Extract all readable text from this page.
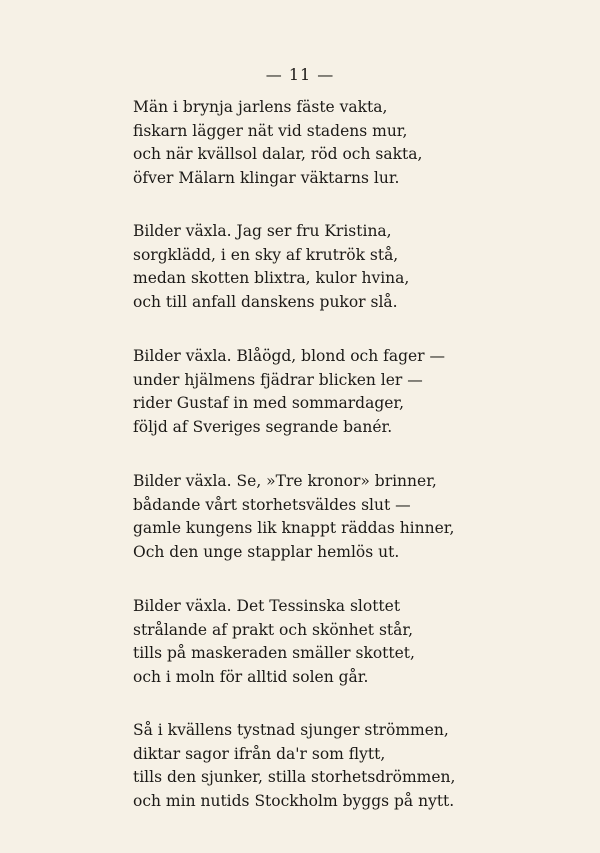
— 11 —
Män i brynja jarlens fäste vakta,
fiskarn lägger nät vid stadens mur,
och när kvällsol dalar, röd och sakta,
öfver Mälarn klingar väktarns lur.
Bilder växla. Jag ser fru Kristina,
sorgklädd, i en sky af krutrök stå,
medan skotten blixtra, kulor hvina,
och till anfall danskens pukor slå.
Bilder växla. Blåögd, blond och fager —
under hjälmens fjädrar blicken ler —
rider Gustaf in med sommardager,
följd af Sveriges segrande banér.
Bilder växla. Se, »Tre kronor» brinner,
bådande vårt storhetsväldes slut —
gamle kungens lik knappt räddas hinner,
Och den unge stapplar hemlös ut.
Bilder växla. Det Tessinska slottet
strålande af prakt och skönhet står,
tills på maskeraden smäller skottet,
och i moln för alltid solen går.
Så i kvällens tystnad sjunger strömmen,
diktar sagor ifrån da'r som flytt,
tills den sjunker, stilla storhetsdrömmen,
och min nutids Stockholm byggs på nytt.
